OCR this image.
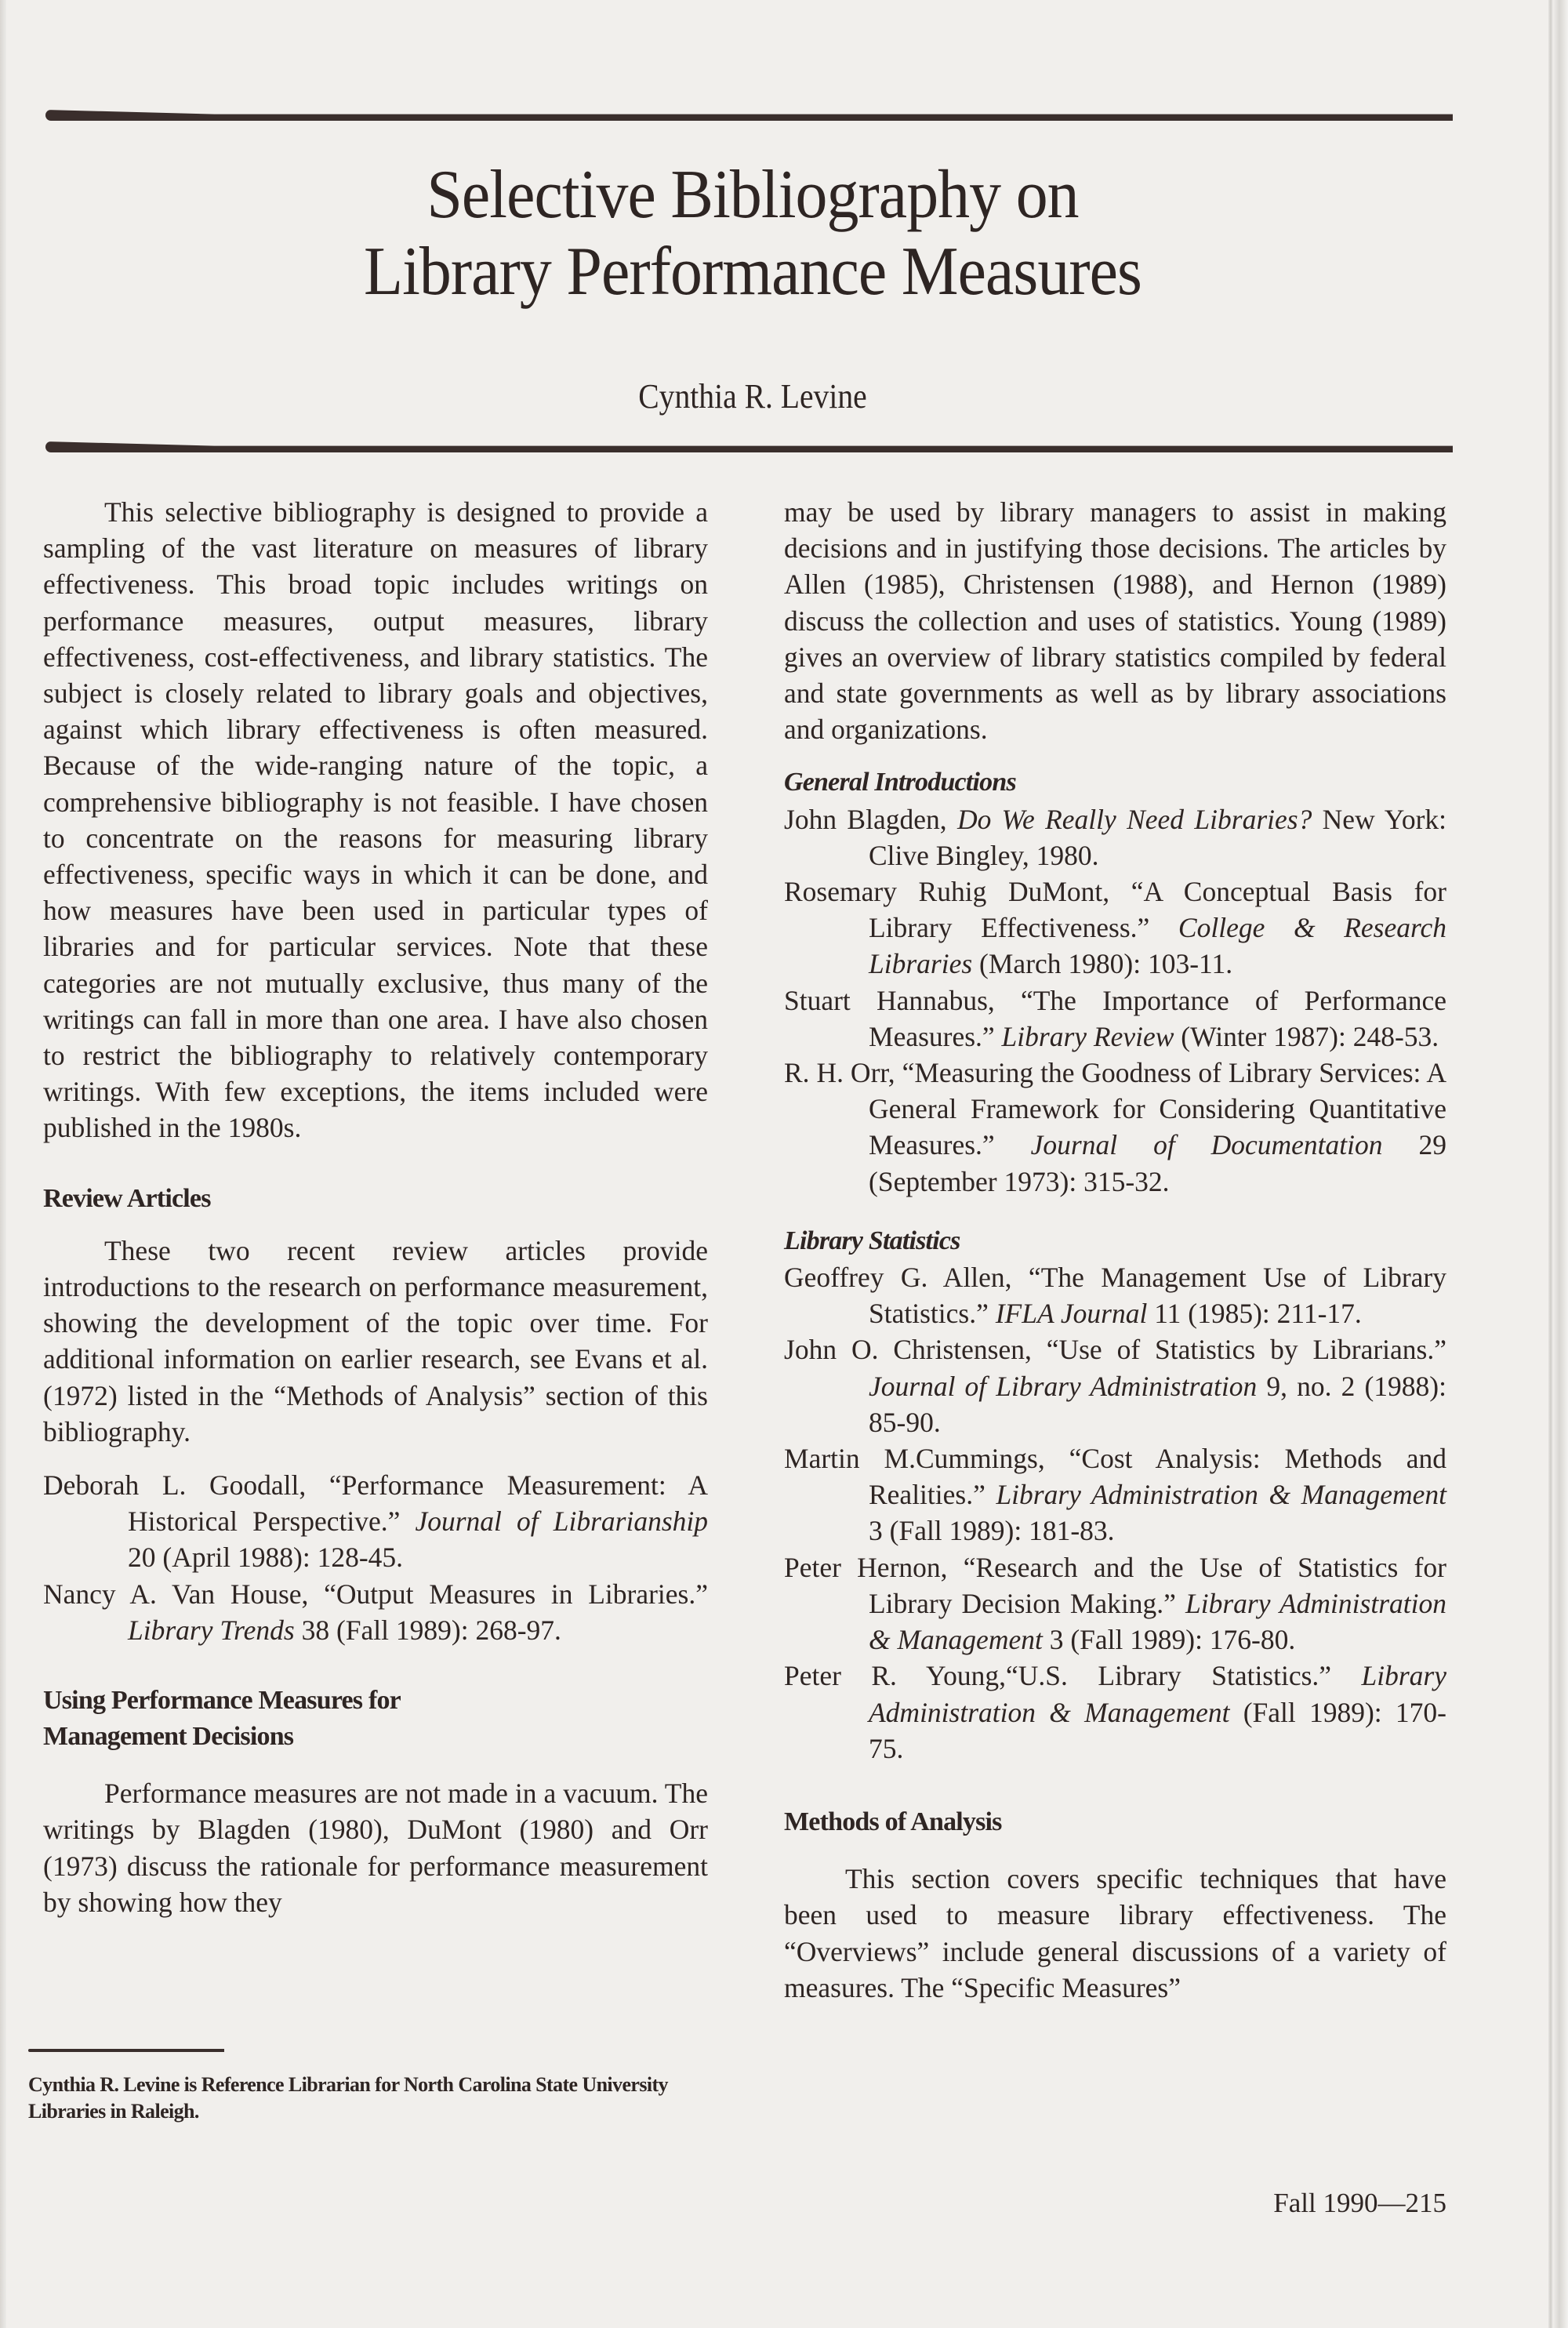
Selective Bibliography on
Library Performance Measures
Cynthia R. Levine

This selective bibliography is designed to provide a sampling of the vast literature on measures of library effectiveness. This broad topic includes writings on performance measures, output measures, library effectiveness, cost-effectiveness, and library statistics. The subject is closely related to library goals and objectives, against which library effectiveness is often measured. Because of the wide-ranging nature of the topic, a comprehensive bibliography is not feasible. I have chosen to concentrate on the reasons for measuring library effectiveness, specific ways in which it can be done, and how measures have been used in particular types of libraries and for particular services. Note that these categories are not mutually exclusive, thus many of the writings can fall in more than one area. I have also chosen to restrict the bibliography to relatively contemporary writings. With few exceptions, the items included were published in the 1980s.

Review Articles

These two recent review articles provide introductions to the research on performance measurement, showing the development of the topic over time. For additional information on earlier research, see Evans et al. (1972) listed in the “Methods of Analysis” section of this bibliography.

Deborah L. Goodall, “Performance Measurement: A Historical Perspective.” Journal of Librarianship 20 (April 1988): 128-45.

Nancy A. Van House, “Output Measures in Libraries.” Library Trends 38 (Fall 1989): 268-97.

Using Performance Measures for
Management Decisions

Performance measures are not made in a vacuum. The writings by Blagden (1980), DuMont (1980) and Orr (1973) discuss the rationale for performance measurement by showing how they

Cynthia R. Levine is Reference Librarian for North Carolina State University Libraries in Raleigh.

may be used by library managers to assist in making decisions and in justifying those decisions. The articles by Allen (1985), Christensen (1988), and Hernon (1989) discuss the collection and uses of statistics. Young (1989) gives an overview of library statistics compiled by federal and state governments as well as by library associations and organizations.

General Introductions

John Blagden, Do We Really Need Libraries? New York: Clive Bingley, 1980.

Rosemary Ruhig DuMont, “A Conceptual Basis for Library Effectiveness.” College & Research Libraries (March 1980): 103-11.

Stuart Hannabus, “The Importance of Performance Measures.” Library Review (Winter 1987): 248-53.

R. H. Orr, “Measuring the Goodness of Library Services: A General Framework for Considering Quantitative Measures.” Journal of Documentation 29 (September 1973): 315-32.

Library Statistics

Geoffrey G. Allen, “The Management Use of Library Statistics.” IFLA Journal 11 (1985): 211-17.

John O. Christensen, “Use of Statistics by Librarians.” Journal of Library Administration 9, no. 2 (1988): 85-90.

Martin M.Cummings, “Cost Analysis: Methods and Realities.” Library Administration & Management 3 (Fall 1989): 181-83.

Peter Hernon, “Research and the Use of Statistics for Library Decision Making.” Library Administration & Management 3 (Fall 1989): 176-80.

Peter R. Young,“U.S. Library Statistics.” Library Administration & Management (Fall 1989): 170-75.

Methods of Analysis

This section covers specific techniques that have been used to measure library effectiveness. The “Overviews” include general discussions of a variety of measures. The “Specific Measures”

Fall 1990—215
